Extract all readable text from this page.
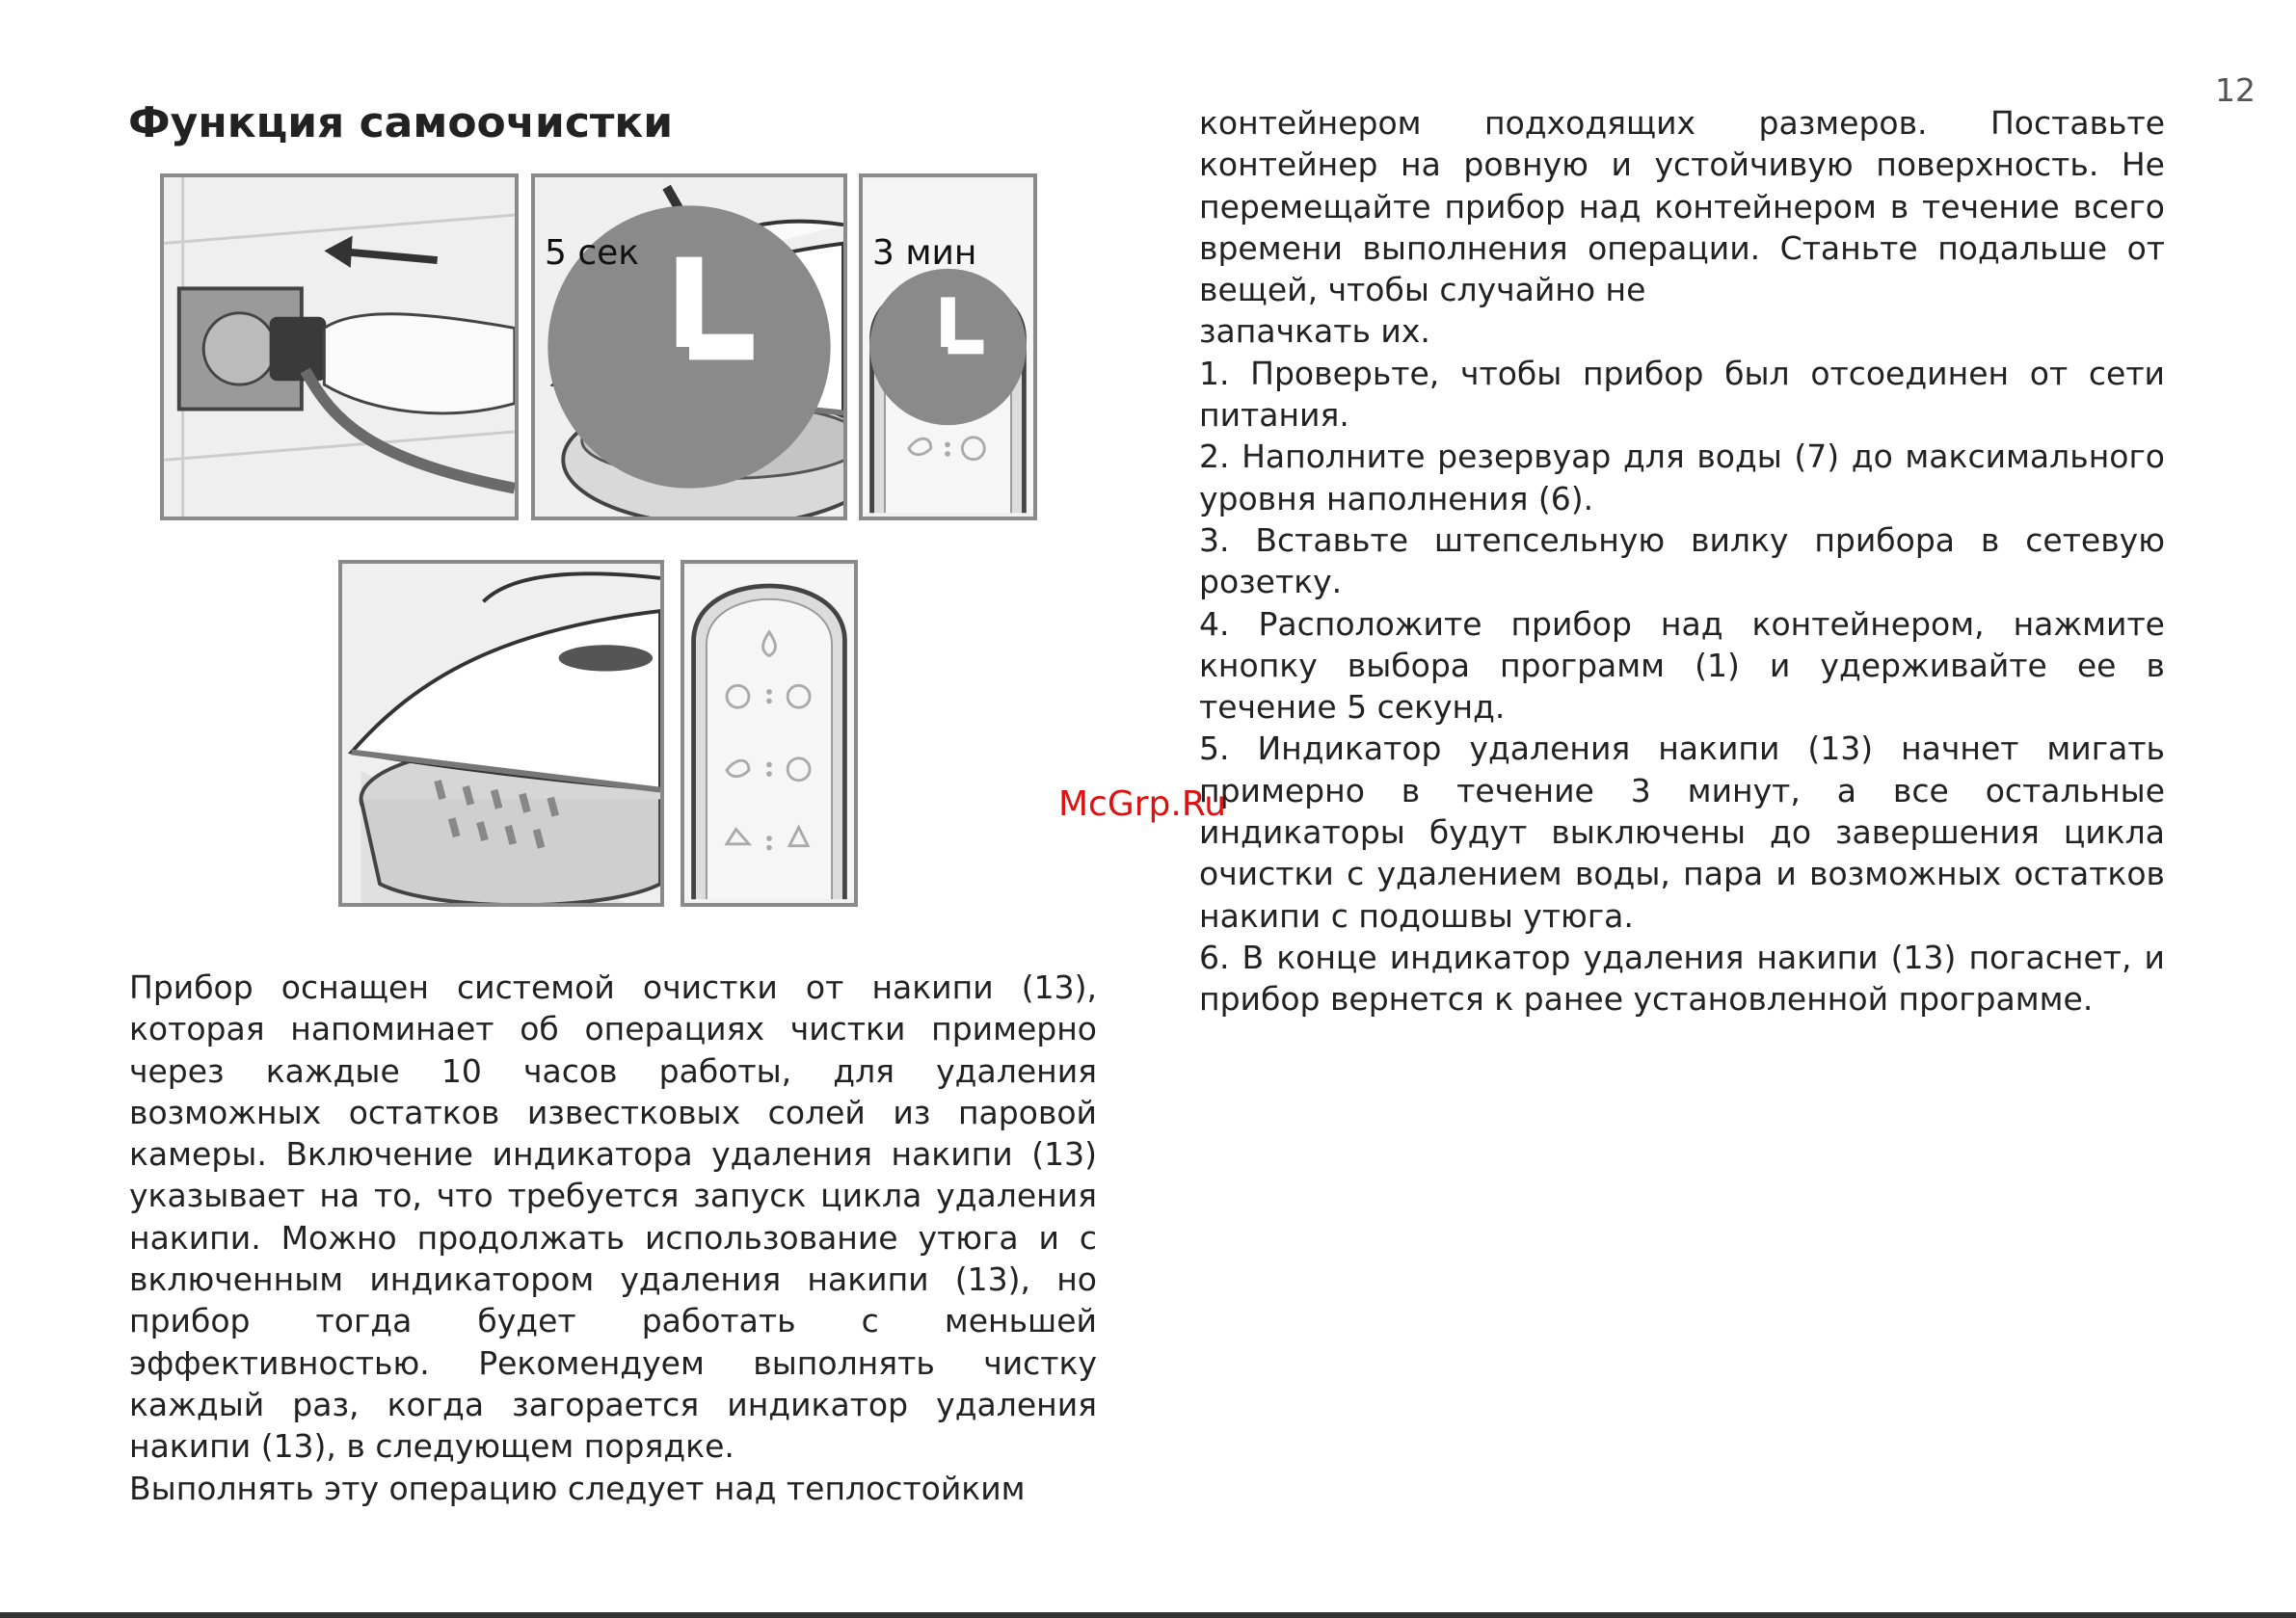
12
Функция самоочистки
5 сек	3 мин

Прибор оснащен системой очистки от накипи (13), которая напоминает об операциях чистки примерно через каждые 10 часов работы, для удаления возможных остатков известковых солей из паровой камеры. Включение индикатора удаления накипи (13) указывает на то, что требуется запуск цикла удаления накипи. Можно продолжать использование утюга и с включенным индикатором удаления накипи (13), но прибор тогда будет работать с меньшей эффективностью. Рекомендуем выполнять чистку каждый раз, когда загорается индикатор удаления накипи (13), в следующем порядке.

Выполнять эту операцию следует над теплостойким

контейнером подходящих размеров. Поставьте контейнер на ровную и устойчивую поверхность. Не перемещайте прибор над контейнером в течение всего времени выполнения операции. Станьте подальше от вещей, чтобы случайно не

запачкать их.

1. Проверьте, чтобы прибор был отсоединен от сети питания.

2. Наполните резервуар для воды (7) до максимального уровня наполнения (6).

3. Вставьте штепсельную вилку прибора в сетевую розетку.

4. Расположите прибор над контейнером, нажмите кнопку выбора программ (1) и удерживайте ее в течение 5 секунд.

5. Индикатор удаления накипи (13) начнет мигать примерно в течение 3 минут, а все остальные индикаторы будут выключены до завершения цикла очистки с удалением воды, пара и возможных остатков накипи с подошвы утюга.

6. В конце индикатор удаления накипи (13) погаснет, и прибор вернется к ранее установленной программе.

McGrp.Ru
